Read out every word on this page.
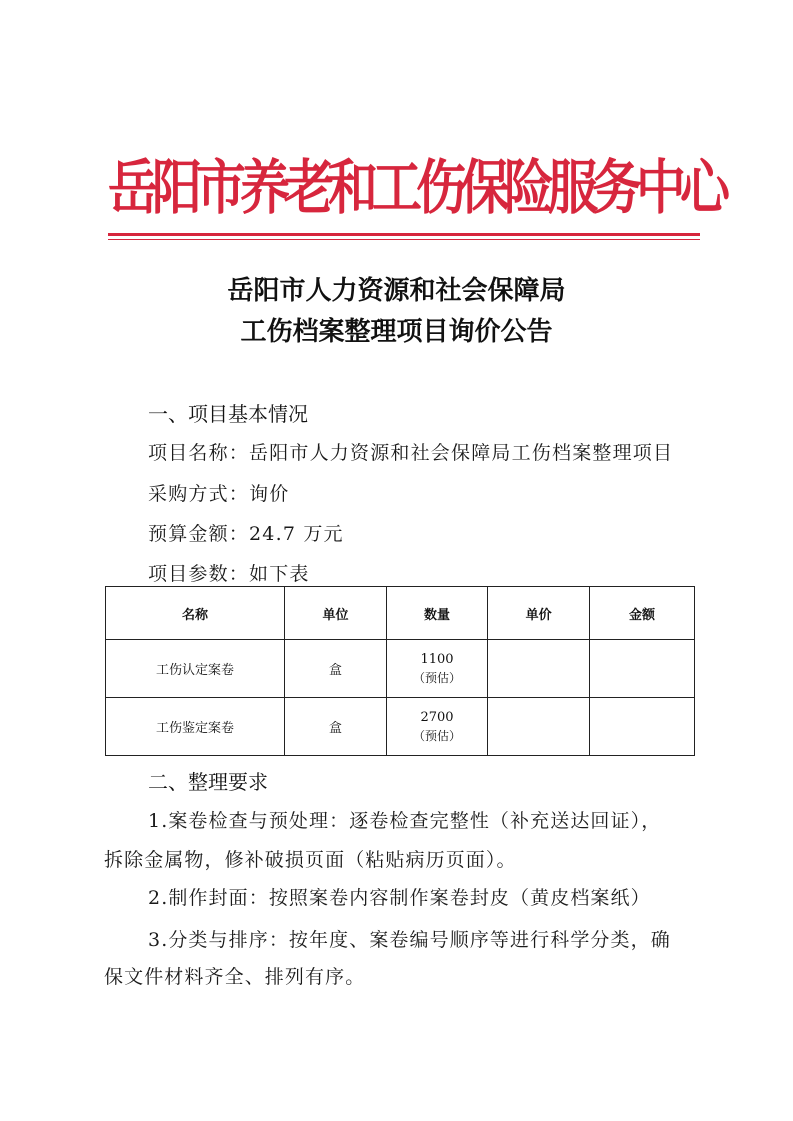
岳阳市养老和工伤保险服务中心
岳阳市人力资源和社会保障局
工伤档案整理项目询价公告
一、项目基本情况
项目名称：岳阳市人力资源和社会保障局工伤档案整理项目
采购方式：询价
预算金额：24.7 万元
项目参数：如下表
名称	单位	数量	单价	金额
工伤认定案卷	盒	1100
（预估）		

工伤鉴定案卷	盒	2700
（预估）		

二、整理要求
1.案卷检查与预处理：逐卷检查完整性（补充送达回证），
拆除金属物，修补破损页面（粘贴病历页面）。
2.制作封面：按照案卷内容制作案卷封皮（黄皮档案纸）
3.分类与排序：按年度、案卷编号顺序等进行科学分类，确
保文件材料齐全、排列有序。
